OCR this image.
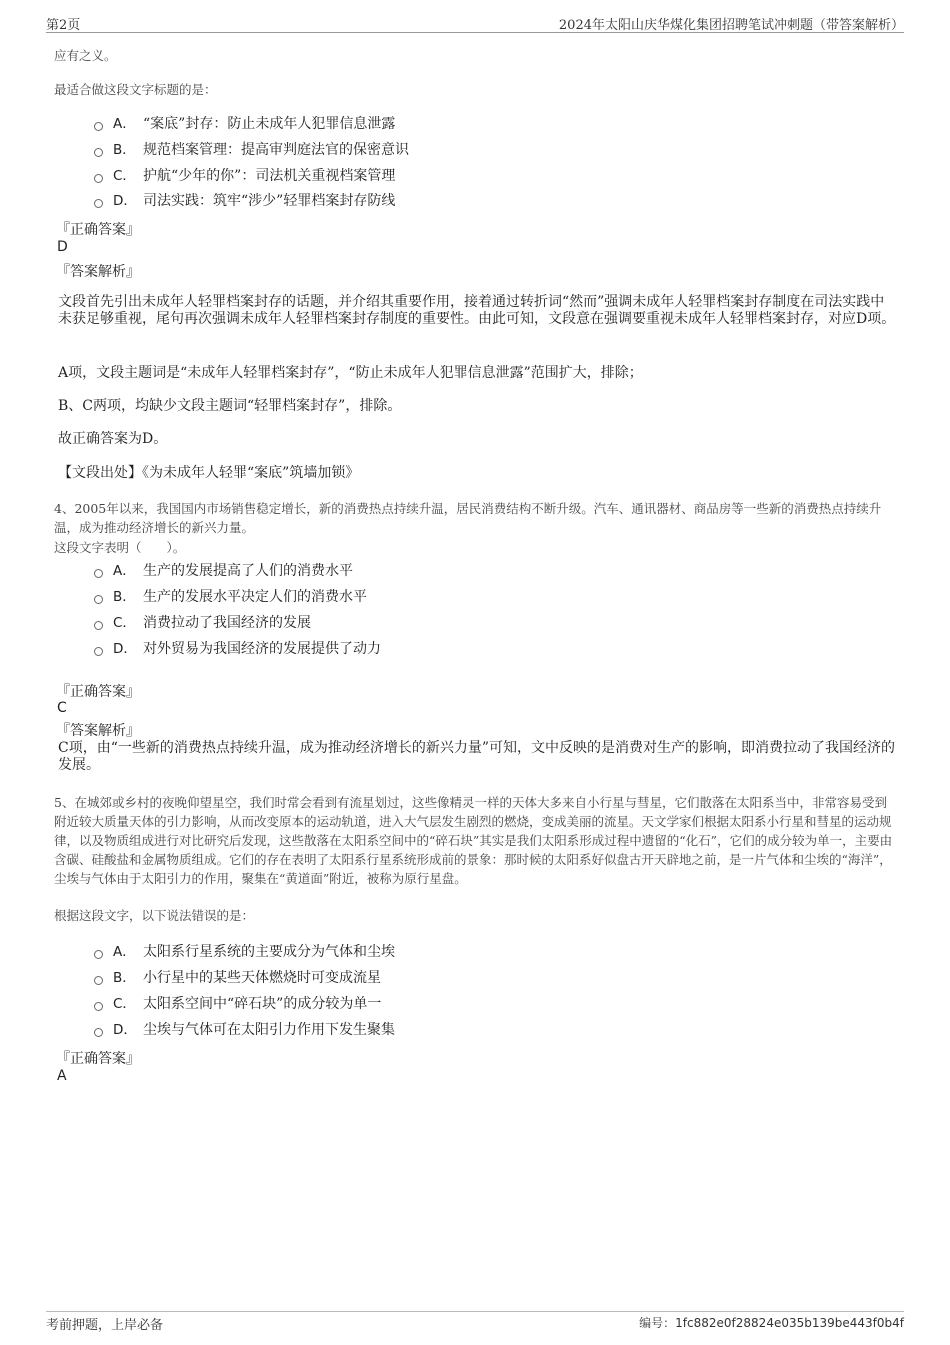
第2页	2024年太阳山庆华煤化集团招聘笔试冲刺题（带答案解析）
应有之义。
最适合做这段文字标题的是：
A． “案底”封存：防止未成年人犯罪信息泄露
B． 规范档案管理：提高审判庭法官的保密意识
C． 护航“少年的你”：司法机关重视档案管理
D． 司法实践：筑牢“涉少”轻罪档案封存防线
『正确答案』
D
『答案解析』
文段首先引出未成年人轻罪档案封存的话题，并介绍其重要作用，接着通过转折词“然而”强调未成年人轻罪档案封存制度在司法实践中未获足够重视，尾句再次强调未成年人轻罪档案封存制度的重要性。由此可知，文段意在强调要重视未成年人轻罪档案封存，对应D项。
A项，文段主题词是“未成年人轻罪档案封存”，“防止未成年人犯罪信息泄露”范围扩大，排除；
B、C两项，均缺少文段主题词“轻罪档案封存”，排除。
故正确答案为D。
【文段出处】《为未成年人轻罪“案底”筑墙加锁》
4、2005年以来，我国国内市场销售稳定增长，新的消费热点持续升温，居民消费结构不断升级。汽车、通讯器材、商品房等一些新的消费热点持续升温，成为推动经济增长的新兴力量。
这段文字表明（　　）。
A． 生产的发展提高了人们的消费水平
B． 生产的发展水平决定人们的消费水平
C． 消费拉动了我国经济的发展
D． 对外贸易为我国经济的发展提供了动力
『正确答案』
C
『答案解析』
C项，由“一些新的消费热点持续升温，成为推动经济增长的新兴力量”可知，文中反映的是消费对生产的影响，即消费拉动了我国经济的发展。
5、在城郊或乡村的夜晚仰望星空，我们时常会看到有流星划过，这些像精灵一样的天体大多来自小行星与彗星，它们散落在太阳系当中，非常容易受到附近较大质量天体的引力影响，从而改变原本的运动轨道，进入大气层发生剧烈的燃烧，变成美丽的流星。天文学家们根据太阳系小行星和彗星的运动规律，以及物质组成进行对比研究后发现，这些散落在太阳系空间中的“碎石块”其实是我们太阳系形成过程中遗留的“化石”，它们的成分较为单一，主要由含碳、硅酸盐和金属物质组成。它们的存在表明了太阳系行星系统形成前的景象：那时候的太阳系好似盘古开天辟地之前，是一片气体和尘埃的“海洋”，尘埃与气体由于太阳引力的作用，聚集在“黄道面”附近，被称为原行星盘。
根据这段文字，以下说法错误的是：
A． 太阳系行星系统的主要成分为气体和尘埃
B． 小行星中的某些天体燃烧时可变成流星
C． 太阳系空间中“碎石块”的成分较为单一
D． 尘埃与气体可在太阳引力作用下发生聚集
『正确答案』
A
考前押题，上岸必备	编号：1fc882e0f28824e035b139be443f0b4f
